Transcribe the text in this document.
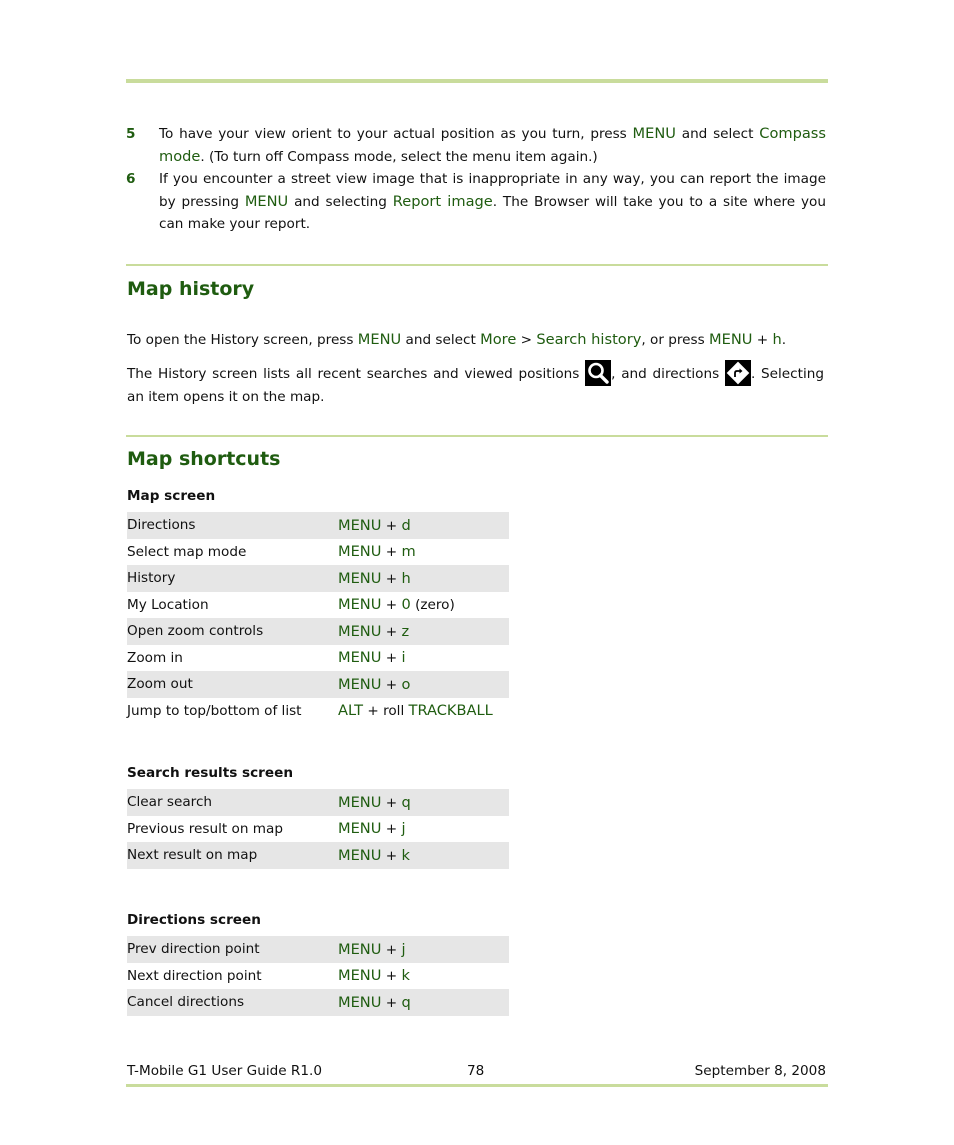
5 To have your view orient to your actual position as you turn, press MENU and select Compass mode. (To turn off Compass mode, select the menu item again.)
6 If you encounter a street view image that is inappropriate in any way, you can report the image by pressing MENU and selecting Report image. The Browser will take you to a site where you can make your report.
Map history
To open the History screen, press MENU and select More > Search history, or press MENU + h.
The History screen lists all recent searches and viewed positions , and directions . Selecting an item opens it on the map.
Map shortcuts
Map screen
Directions	MENU + d
Select map mode	MENU + m
History	MENU + h
My Location	MENU + 0 (zero)
Open zoom controls	MENU + z
Zoom in	MENU + i
Zoom out	MENU + o
Jump to top/bottom of list	ALT + roll TRACKBALL
Search results screen
Clear search	MENU + q
Previous result on map	MENU + j
Next result on map	MENU + k
Directions screen
Prev direction point	MENU + j
Next direction point	MENU + k
Cancel directions	MENU + q
T-Mobile G1 User Guide R1.0	78	September 8, 2008
